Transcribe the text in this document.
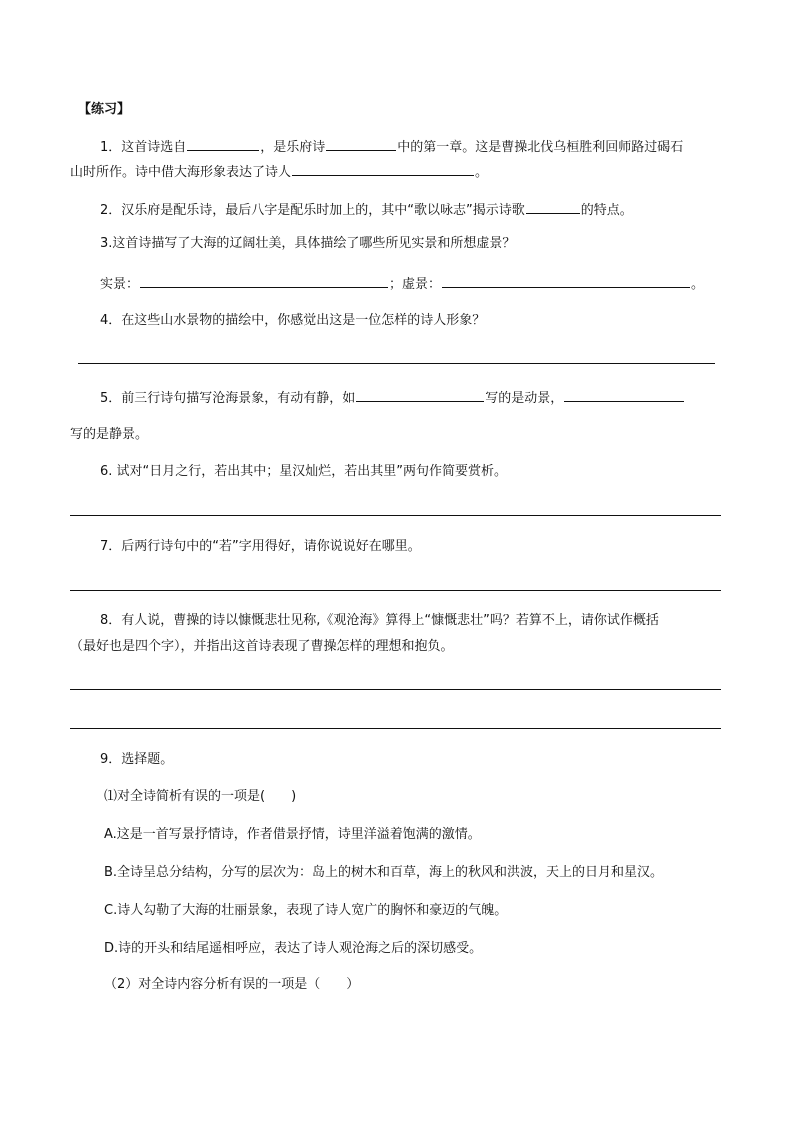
【练习】
1．这首诗选自	，是乐府诗	中的第一章。这是曹操北伐乌桓胜利回师路过碣石
山时所作。诗中借大海形象表达了诗人	。
2．汉乐府是配乐诗，最后八字是配乐时加上的，其中“歌以咏志”揭示诗歌	的特点。
3.这首诗描写了大海的辽阔壮美，具体描绘了哪些所见实景和所想虚景？
实景：	；虚景：	。
4．在这些山水景物的描绘中，你感觉出这是一位怎样的诗人形象？
5．前三行诗句描写沧海景象，有动有静，如	写的是动景，
写的是静景。
6. 试对“日月之行，若出其中；星汉灿烂，若出其里”两句作简要赏析。
7．后两行诗句中的“若”字用得好，请你说说好在哪里。
8．有人说，曹操的诗以慷慨悲壮见称,《观沧海》算得上“慷慨悲壮”吗？若算不上，请你试作概括
（最好也是四个字），并指出这首诗表现了曹操怎样的理想和抱负。
9．选择题。
⑴对全诗简析有误的一项是(　　)
A.这是一首写景抒情诗，作者借景抒情，诗里洋溢着饱满的激情。
B.全诗呈总分结构，分写的层次为：岛上的树木和百草，海上的秋风和洪波，天上的日月和星汉。
C.诗人勾勒了大海的壮丽景象，表现了诗人宽广的胸怀和豪迈的气魄。
D.诗的开头和结尾遥相呼应，表达了诗人观沧海之后的深切感受。
（2）对全诗内容分析有误的一项是（　　）
